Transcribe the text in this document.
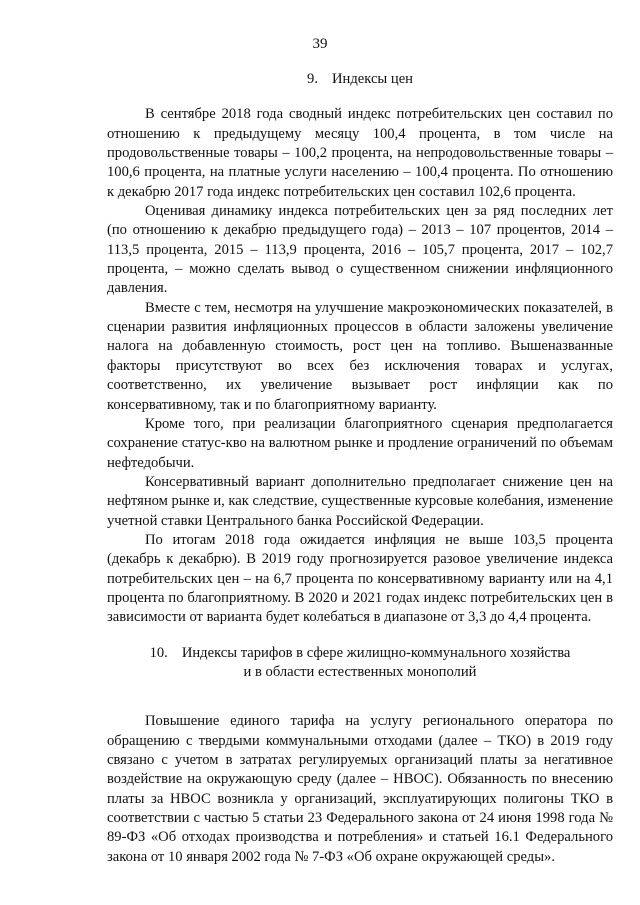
39
9. Индексы цен

В сентябре 2018 года сводный индекс потребительских цен составил по отношению к предыдущему месяцу 100,4 процента, в том числе на продовольственные товары – 100,2 процента, на непродовольственные товары – 100,6 процента, на платные услуги населению – 100,4 процента. По отношению к декабрю 2017 года индекс потребительских цен составил 102,6 процента.

Оценивая динамику индекса потребительских цен за ряд последних лет (по отношению к декабрю предыдущего года) – 2013 – 107 процентов, 2014 – 113,5 процента, 2015 – 113,9 процента, 2016 – 105,7 процента, 2017 – 102,7 процента, – можно сделать вывод о существенном снижении инфляционного давления.

Вместе с тем, несмотря на улучшение макроэкономических показателей, в сценарии развития инфляционных процессов в области заложены увеличение налога на добавленную стоимость, рост цен на топливо. Вышеназванные факторы присутствуют во всех без исключения товарах и услугах, соответственно, их увеличение вызывает рост инфляции как по консервативному, так и по благоприятному варианту.

Кроме того, при реализации благоприятного сценария предполагается сохранение статус-кво на валютном рынке и продление ограничений по объемам нефтедобычи.

Консервативный вариант дополнительно предполагает снижение цен на нефтяном рынке и, как следствие, существенные курсовые колебания, изменение учетной ставки Центрального банка Российской Федерации.

По итогам 2018 года ожидается инфляция не выше 103,5 процента (декабрь к декабрю). В 2019 году прогнозируется разовое увеличение индекса потребительских цен – на 6,7 процента по консервативному варианту или на 4,1 процента по благоприятному. В 2020 и 2021 годах индекс потребительских цен в зависимости от варианта будет колебаться в диапазоне от 3,3 до 4,4 процента.

10. Индексы тарифов в сфере жилищно-коммунального хозяйства
и в области естественных монополий

Повышение единого тарифа на услугу регионального оператора по обращению с твердыми коммунальными отходами (далее – ТКО) в 2019 году связано с учетом в затратах регулируемых организаций платы за негативное воздействие на окружающую среду (далее – НВОС). Обязанность по внесению платы за НВОС возникла у организаций, эксплуатирующих полигоны ТКО в соответствии с частью 5 статьи 23 Федерального закона от 24 июня 1998 года № 89-ФЗ «Об отходах производства и потребления» и статьей 16.1 Федерального закона от 10 января 2002 года № 7-ФЗ «Об охране окружающей среды».
